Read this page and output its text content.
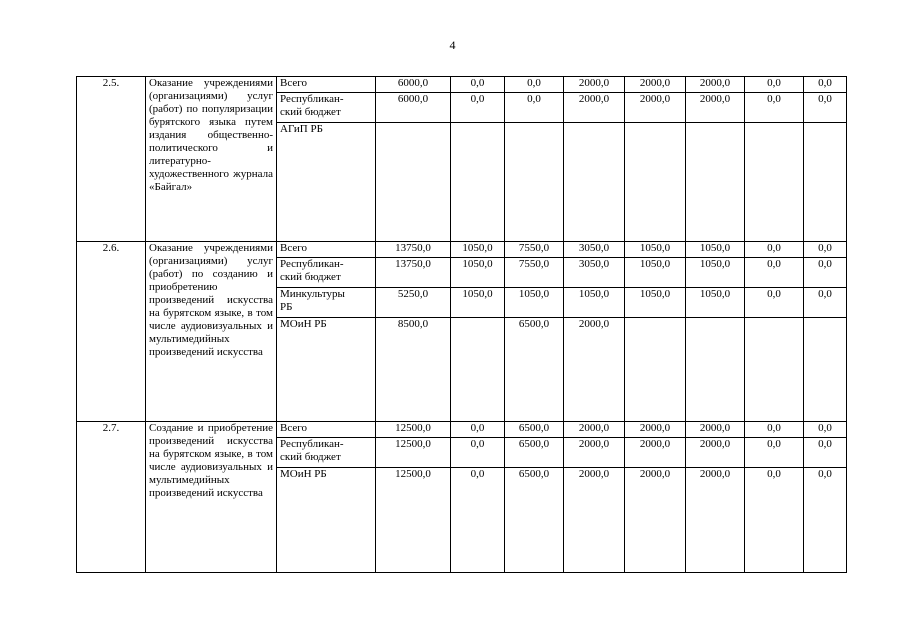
4
2.5.	Оказание учреждениями (организациями) услуг (работ) по популяризации бурятского языка путем издания общественно-политического и литературно-художественного журнала «Байгал»	Всего	6000,0	0,0	0,0	2000,0	2000,0	2000,0	0,0	0,0

		Республикан-
ский бюджет	6000,0	0,0	0,0	2000,0	2000,0	2000,0	0,0	0,0
		АГиП РБ								
2.6.	Оказание учреждениями (организациями) услуг (работ) по созданию и приобретению произведений искусства на бурятском языке, в том числе аудиовизуальных и мультимедийных произведений искусства	Всего	13750,0	1050,0	7550,0	3050,0	1050,0	1050,0	0,0	0,0

		Республикан-
ский бюджет	13750,0	1050,0	7550,0	3050,0	1050,0	1050,0	0,0	0,0

		Минкультуры
РБ	5250,0	1050,0	1050,0	1050,0	1050,0	1050,0	0,0	0,0
		МОиН РБ	8500,0		6500,0	2000,0				
2.7.	Создание и приобретение произведений искусства на бурятском языке, в том числе аудиовизуальных и мультимедийных произведений искусства	Всего	12500,0	0,0	6500,0	2000,0	2000,0	2000,0	0,0	0,0

		Республикан-
ский бюджет	12500,0	0,0	6500,0	2000,0	2000,0	2000,0	0,0	0,0
		МОиН РБ	12500,0	0,0	6500,0	2000,0	2000,0	2000,0	0,0	0,0
